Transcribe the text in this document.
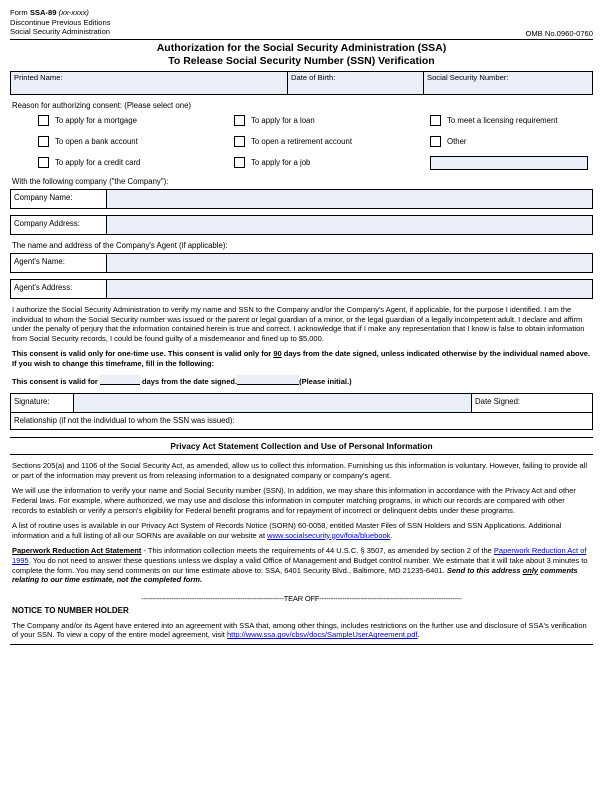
Form SSA-89 (xx-xxxx)
Discontinue Previous Editions
Social Security Administration	OMB No.0960-0760
Authorization for the Social Security Administration (SSA)
To Release Social Security Number (SSN) Verification
Printed Name:	Date of Birth:	Social Security Number:
Reason for authorizing consent: (Please select one)
To apply for a mortgage	To apply for a loan	To meet a licensing requirement
To open a bank account	To open a retirement account	Other
To apply for a credit card	To apply for a job
With the following company ("the Company"):
Company Name:
Company Address:
The name and address of the Company's Agent (if applicable):
Agent's Name:
Agent's Address:

I authorize the Social Security Administration to verify my name and SSN to the Company and/or the Company's Agent, if applicable, for the purpose I identified. I am the individual to whom the Social Security number was issued or the parent or legal guardian of a minor, or the legal guardian of a legally incompetent adult. I declare and affirm under the penalty of perjury that the information contained herein is true and correct. I acknowledge that if I make any representation that I know is false to obtain information from Social Security records, I could be found guilty of a misdemeanor and fined up to $5,000.

This consent is valid only for one-time use. This consent is valid only for 90 days from the date signed, unless indicated otherwise by the individual named above. If you wish to change this timeframe, fill in the following:

This consent is valid for	days from the date signed.	(Please initial.)

Signature:	Date Signed:
Relationship (if not the individual to whom the SSN was issued):
Privacy Act Statement Collection and Use of Personal Information

Sections 205(a) and 1106 of the Social Security Act, as amended, allow us to collect this information. Furnishing us this information is voluntary. However, failing to provide all or part of the information may prevent us from releasing information to a designated company or company's agent.

We will use the information to verify your name and Social Security number (SSN). In addition, we may share this information in accordance with the Privacy Act and other Federal laws. For example, where authorized, we may use and disclose this information in computer matching programs, in which our records are compared with other records to establish or verify a person's eligibility for Federal benefit programs and for repayment of incorrect or delinquent debts under these programs.

A list of routine uses is available in our Privacy Act System of Records Notice (SORN) 60-0058, entitled Master Files of SSN Holders and SSN Applications. Additional information and a full listing of all our SORNs are available on our website at www.socialsecurity.gov/foia/bluebook.

Paperwork Reduction Act Statement - This information collection meets the requirements of 44 U.S.C. § 3507, as amended by section 2 of the Paperwork Reduction Act of 1995. You do not need to answer these questions unless we display a valid Office of Management and Budget control number. We estimate that it will take about 3 minutes to complete the form. You may send comments on our time estimate above to: SSA, 6401 Security Blvd., Baltimore, MD 21235-6401. Send to this address only comments relating to our time estimate, not the completed form.

--------------------------------------------------------------TEAR OFF--------------------------------------------------------------
NOTICE TO NUMBER HOLDER

The Company and/or its Agent have entered into an agreement with SSA that, among other things, includes restrictions on the further use and disclosure of SSA's verification of your SSN. To view a copy of the entire model agreement, visit http://www.ssa.gov/cbsv/docs/SampleUserAgreement.pdf.
